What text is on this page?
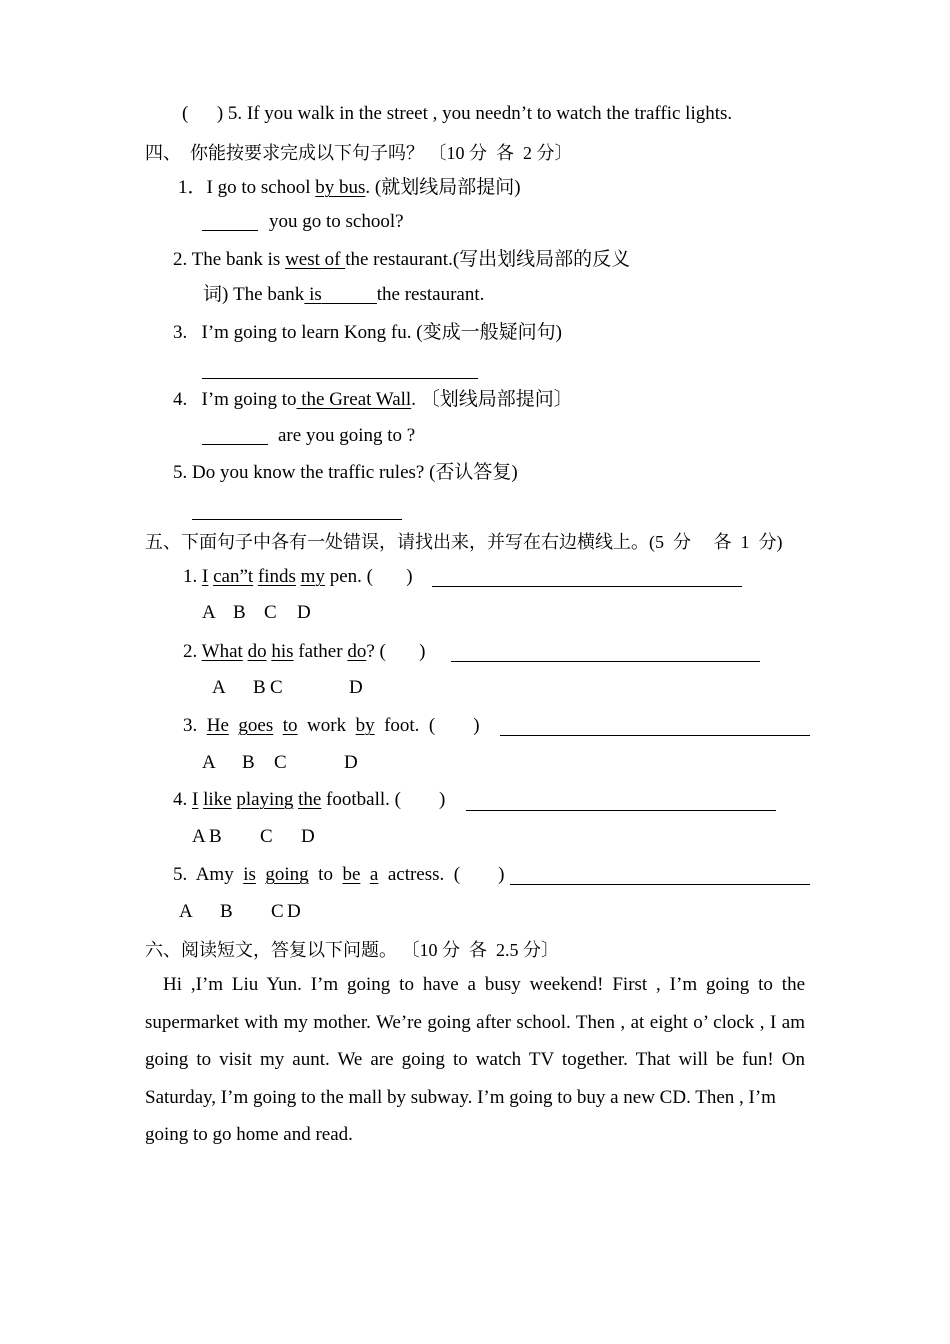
(      ) 5. If you walk in the street , you needn’t to watch the traffic lights.
四、  你能按要求完成以下句子吗？ 〔10 分  各  2 分〕
1．I go to school by bus. (就划线局部提问)
you go to school?
2. The bank is west of the restaurant.(写出划线局部的反义
词) The bank is	the restaurant.
3.   I’m going to learn Kong fu. (变成一般疑问句)
4.   I’m going to the Great Wall. 〔划线局部提问〕
are you going to ?
5. Do you know the traffic rules? (否认答复)
五、下面句子中各有一处错误，请找出来，并写在右边横线上。(5  分     各  1  分)
1. I can”t finds my pen. (       )
A B C D
2. What do his father do? (       )
A B C	D
3.  He goes to  work  by  foot.  (        )
A B C	D
4. I like playing the football. (        )
A B C D
5.  Amy  is going  to  be a  actress.  (        )
A B C D
六、阅读短文，答复以下问题。 〔10 分  各  2.5 分〕
Hi ,I’m Liu Yun. I’m going to have a busy weekend! First , I’m going to the
supermarket with my mother. We’re going after school. Then , at eight o’ clock , I am
going to visit my aunt. We are going to watch TV together. That will be fun! On
Saturday, I’m going to the mall by subway. I’m going to buy a new CD. Then , I’m
going to go home and read.
